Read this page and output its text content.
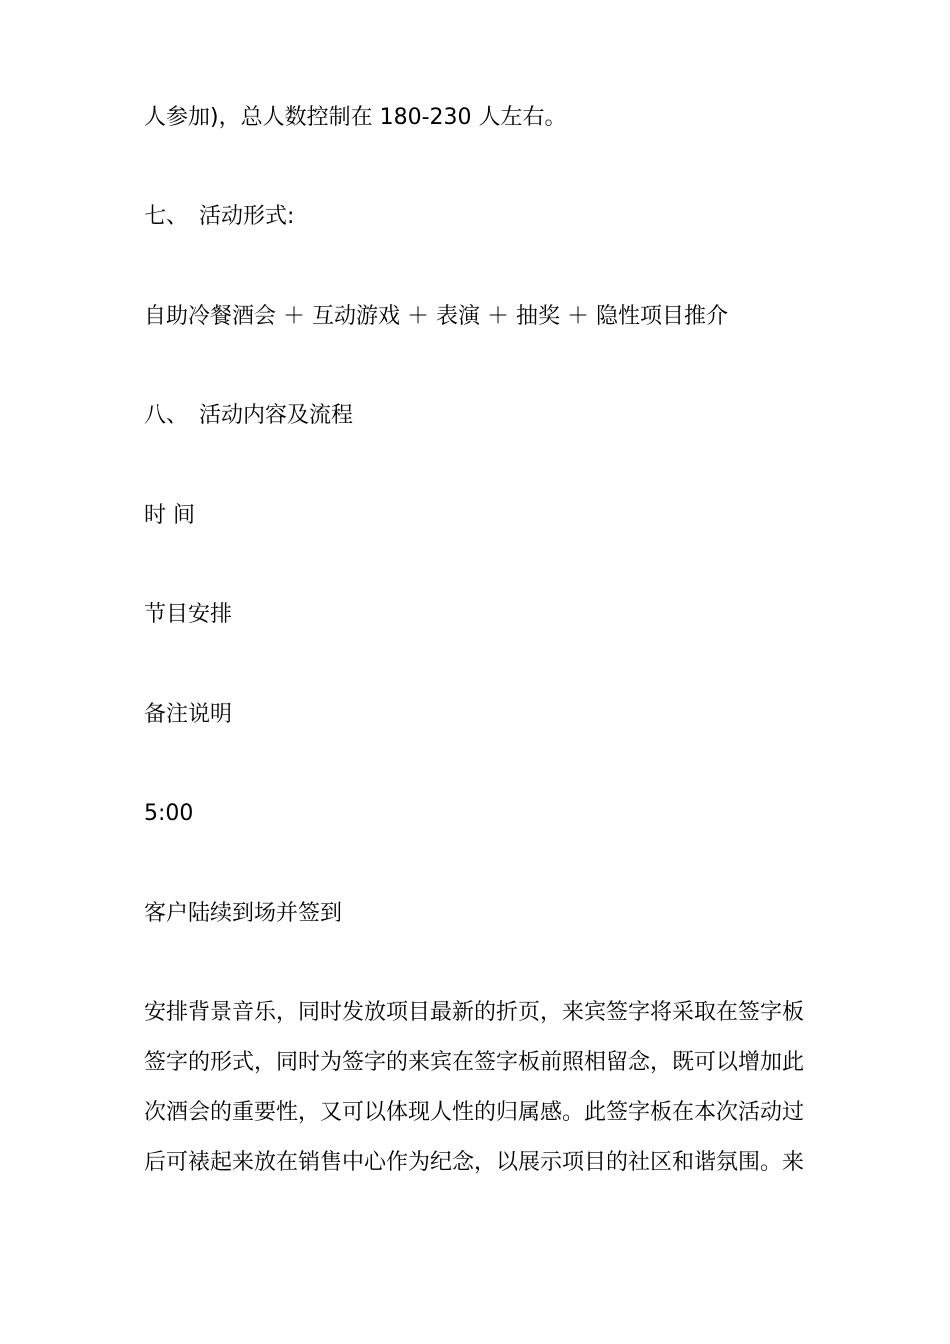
人参加)，总人数控制在 180-230 人左右。
七、　活动形式:
自助冷餐酒会 ＋ 互动游戏 ＋ 表演 ＋ 抽奖 ＋ 隐性项目推介
八、　活动内容及流程
时 间
节目安排
备注说明
5:00
客户陆续到场并签到
安排背景音乐，同时发放项目最新的折页，来宾签字将采取在签字板
签字的形式，同时为签字的来宾在签字板前照相留念，既可以增加此
次酒会的重要性，又可以体现人性的归属感。此签字板在本次活动过
后可裱起来放在销售中心作为纪念，以展示项目的社区和谐氛围。来
